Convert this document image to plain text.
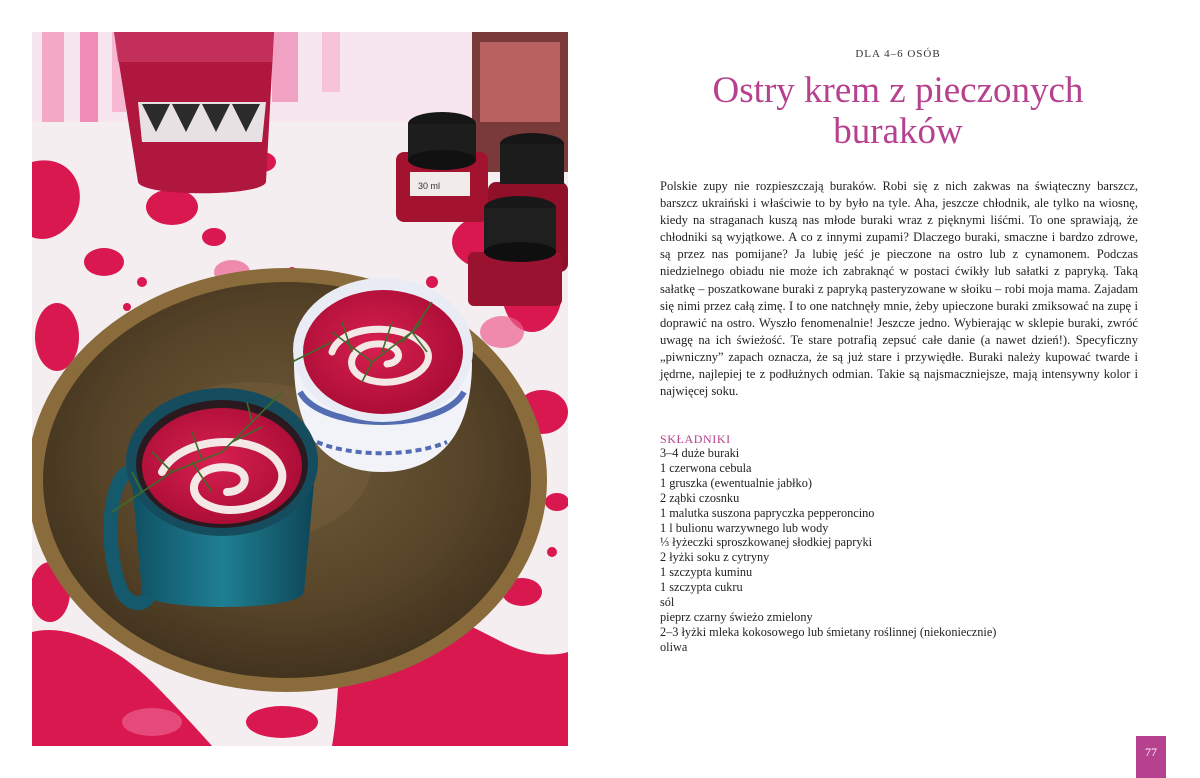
30 ml
DLA 4–6 OSÓB
Ostry krem z pieczonych buraków

Polskie zupy nie rozpieszczają buraków. Robi się z nich zakwas na świąteczny barszcz, barszcz ukraiński i właściwie to by było na tyle. Aha, jeszcze chłodnik, ale tylko na wiosnę, kiedy na straganach kuszą nas młode buraki wraz z pięknymi liśćmi. To one sprawiają, że chłodniki są wyjątkowe. A co z innymi zupami? Dlaczego buraki, smaczne i bardzo zdrowe, są przez nas pomijane? Ja lubię jeść je pieczone na ostro lub z cynamonem. Podczas niedzielnego obiadu nie może ich zabraknąć w postaci ćwikły lub sałatki z papryką. Taką sałatkę – poszatkowane buraki z papryką pasteryzowane w słoiku – robi moja mama. Zajadam się nimi przez całą zimę. I to one natchnęły mnie, żeby upieczone buraki zmiksować na zupę i doprawić na ostro. Wyszło fenomenalnie! Jeszcze jedno. Wybierając w sklepie buraki, zwróć uwagę na ich świeżość. Te stare potrafią zepsuć całe danie (a nawet dzień!). Specyficzny „piwniczny” zapach oznacza, że są już stare i przywiędłe. Buraki należy kupować twarde i jędrne, najlepiej te z podłużnych odmian. Takie są najsmaczniejsze, mają intensywny kolor i najwięcej soku.

SKŁADNIKI
3–4 duże buraki
1 czerwona cebula
1 gruszka (ewentualnie jabłko)
2 ząbki czosnku
1 malutka suszona papryczka pepperoncino
1 l bulionu warzywnego lub wody
⅓ łyżeczki sproszkowanej słodkiej papryki
2 łyżki soku z cytryny
1 szczypta kuminu
1 szczypta cukru
sól
pieprz czarny świeżo zmielony
2–3 łyżki mleka kokosowego lub śmietany roślinnej (niekoniecznie)
oliwa
77
